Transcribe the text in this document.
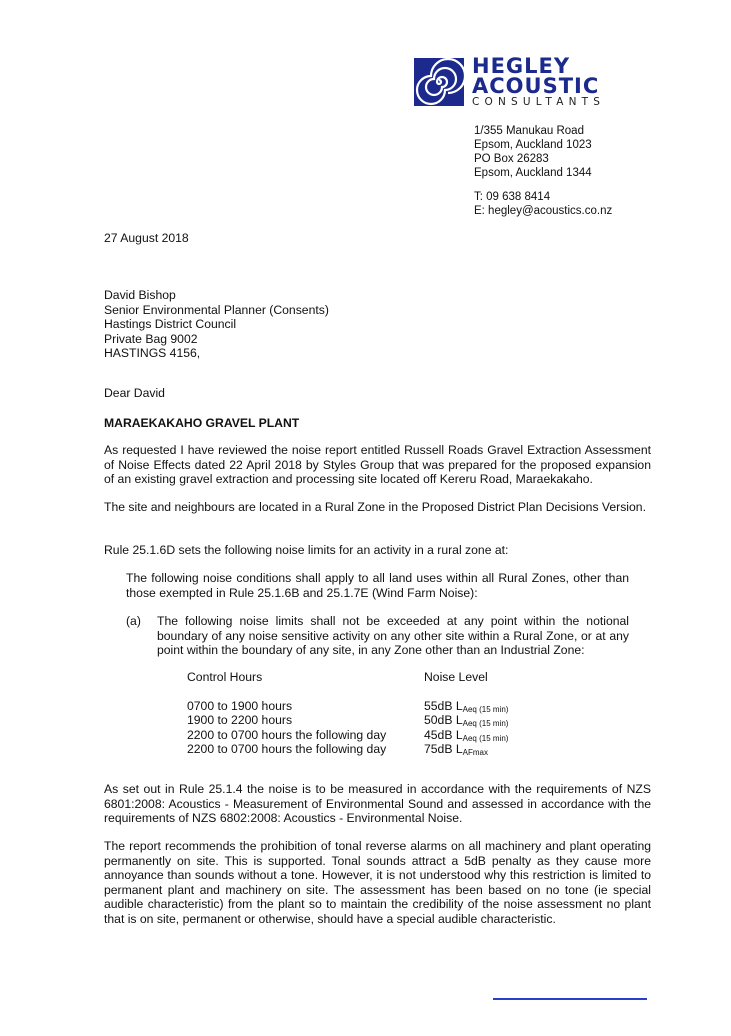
HEGLEY
ACOUSTIC
CONSULTANTS
1/355 Manukau Road
Epsom, Auckland 1023
PO Box 26283
Epsom, Auckland 1344
T: 09 638 8414
E: hegley@acoustics.co.nz
27 August 2018
David Bishop
Senior Environmental Planner (Consents)
Hastings District Council
Private Bag 9002
HASTINGS 4156,
Dear David
MARAEKAKAHO GRAVEL PLANT
As requested I have reviewed the noise report entitled Russell Roads Gravel Extraction Assessment of Noise Effects dated 22 April 2018 by Styles Group that was prepared for the proposed expansion of an existing gravel extraction and processing site located off Kereru Road, Maraekakaho.
The site and neighbours are located in a Rural Zone in the Proposed District Plan Decisions Version.
Rule 25.1.6D sets the following noise limits for an activity in a rural zone at:
The following noise conditions shall apply to all land uses within all Rural Zones, other than those exempted in Rule 25.1.6B and 25.1.7E (Wind Farm Noise):
(a) The following noise limits shall not be exceeded at any point within the notional boundary of any noise sensitive activity on any other site within a Rural Zone, or at any point within the boundary of any site, in any Zone other than an Industrial Zone:
Control Hours	Noise Level
0700 to 1900 hours	55dB $L_{Aeq (15 min)}$
1900 to 2200 hours	50dB $L_{Aeq (15 min)}$
2200 to 0700 hours the following day	45dB $L_{Aeq (15 min)}$
2200 to 0700 hours the following day	75dB $L_{AFmax}$
As set out in Rule 25.1.4 the noise is to be measured in accordance with the requirements of NZS 6801:2008: Acoustics - Measurement of Environmental Sound and assessed in accordance with the requirements of NZS 6802:2008: Acoustics - Environmental Noise.
The report recommends the prohibition of tonal reverse alarms on all machinery and plant operating permanently on site. This is supported. Tonal sounds attract a 5dB penalty as they cause more annoyance than sounds without a tone. However, it is not understood why this restriction is limited to permanent plant and machinery on site. The assessment has been based on no tone (ie special audible characteristic) from the plant so to maintain the credibility of the noise assessment no plant that is on site, permanent or otherwise, should have a special audible characteristic.
